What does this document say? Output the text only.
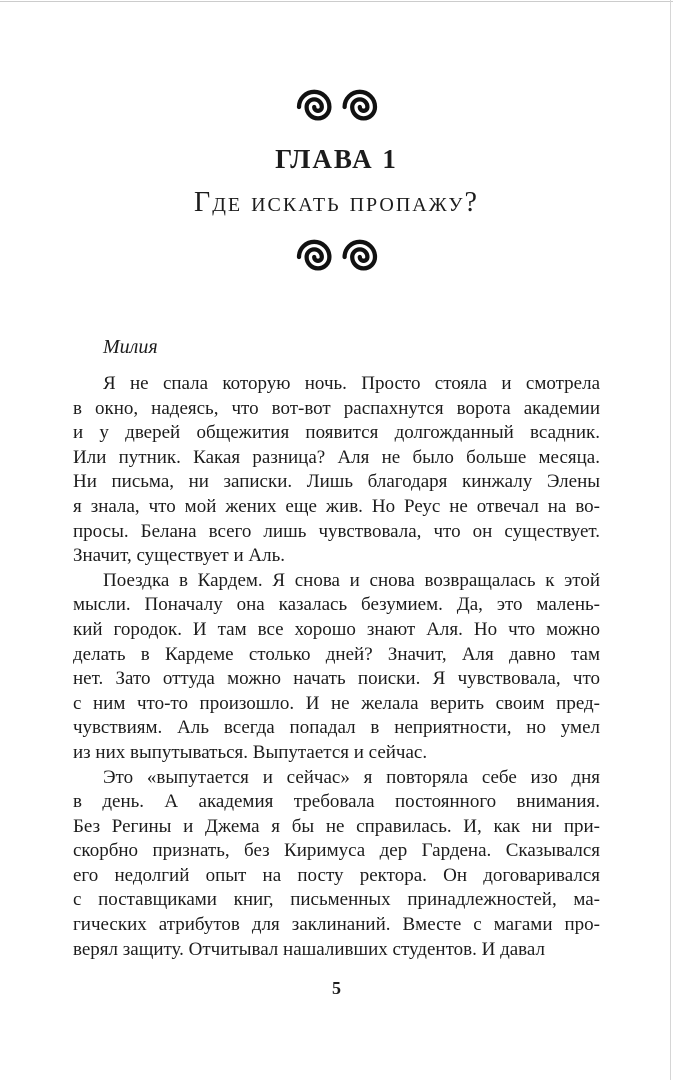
ГЛАВА 1
Где искать пропажу?
Милия
Я не спала которую ночь. Просто стояла и смотрела
в окно, надеясь, что вот-вот распахнутся ворота академии
и у дверей общежития появится долгожданный всадник.
Или путник. Какая разница? Аля не было больше месяца.
Ни письма, ни записки. Лишь благодаря кинжалу Элены
я знала, что мой жених еще жив. Но Реус не отвечал на во-
просы. Белана всего лишь чувствовала, что он существует.
Значит, существует и Аль.
Поездка в Кардем. Я снова и снова возвращалась к этой
мысли. Поначалу она казалась безумием. Да, это малень-
кий городок. И там все хорошо знают Аля. Но что можно
делать в Кардеме столько дней? Значит, Аля давно там
нет. Зато оттуда можно начать поиски. Я чувствовала, что
с ним что-то произошло. И не желала верить своим пред-
чувствиям. Аль всегда попадал в неприятности, но умел
из них выпутываться. Выпутается и сейчас.
Это «выпутается и сейчас» я повторяла себе изо дня
в день. А академия требовала постоянного внимания.
Без Регины и Джема я бы не справилась. И, как ни при-
скорбно признать, без Киримуса дер Гардена. Сказывался
его недолгий опыт на посту ректора. Он договаривался
с поставщиками книг, письменных принадлежностей, ма-
гических атрибутов для заклинаний. Вместе с магами про-
верял защиту. Отчитывал нашаливших студентов. И давал
5
